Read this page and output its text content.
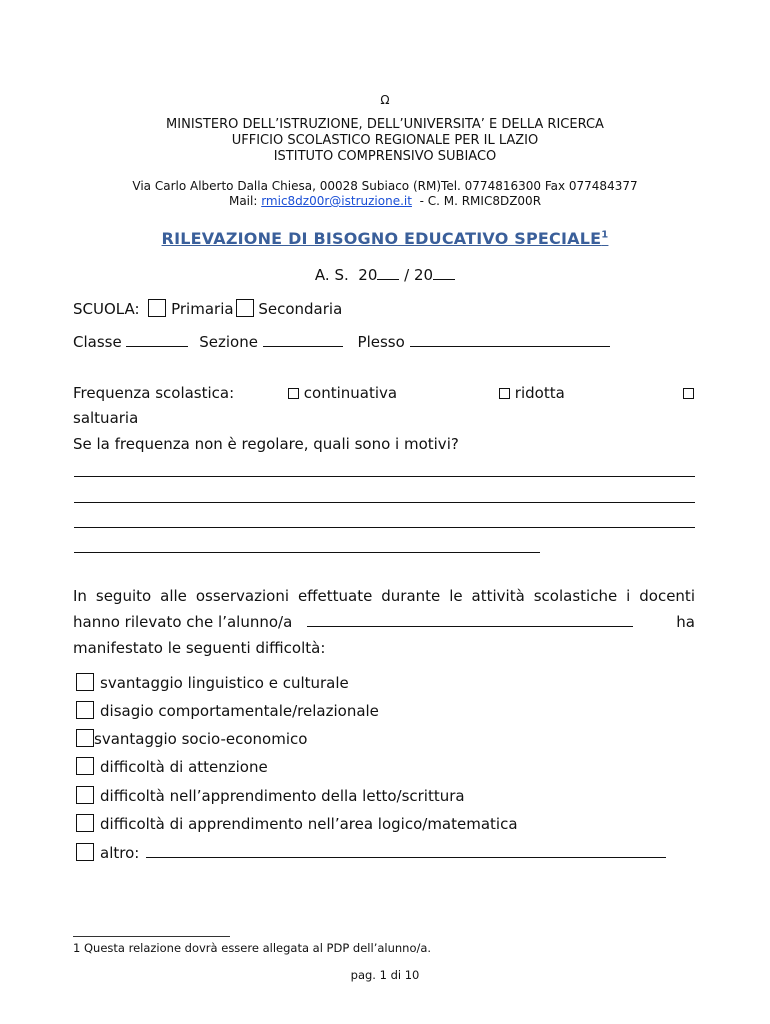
Ω
MINISTERO DELL’ISTRUZIONE, DELL’UNIVERSITA’ E DELLA RICERCA
UFFICIO SCOLASTICO REGIONALE PER IL LAZIO
ISTITUTO COMPRENSIVO SUBIACO
Via Carlo Alberto Dalla Chiesa, 00028 Subiaco (RM)Tel. 0774816300 Fax 077484377
Mail: rmic8dz00r@istruzione.it  - C. M. RMIC8DZ00R
RILEVAZIONE DI BISOGNO EDUCATIVO SPECIALE$^1$
A. S.  20 / 20
SCUOLA: Primaria Secondaria
Classe	Sezione	Plesso
Frequenza scolastica:	continuativa	ridotta
saltuaria
Se la frequenza non è regolare, quali sono i motivi?
In seguito alle osservazioni effettuate durante le attività scolastiche i docenti
hanno rilevato che l’alunno/a	ha
manifestato le seguenti difficoltà:
svantaggio linguistico e culturale
disagio comportamentale/relazionale
svantaggio socio-economico
difficoltà di attenzione
difficoltà nell’apprendimento della letto/scrittura
difficoltà di apprendimento nell’area logico/matematica
altro:
1 Questa relazione dovrà essere allegata al PDP dell’alunno/a.
pag. 1 di 10
